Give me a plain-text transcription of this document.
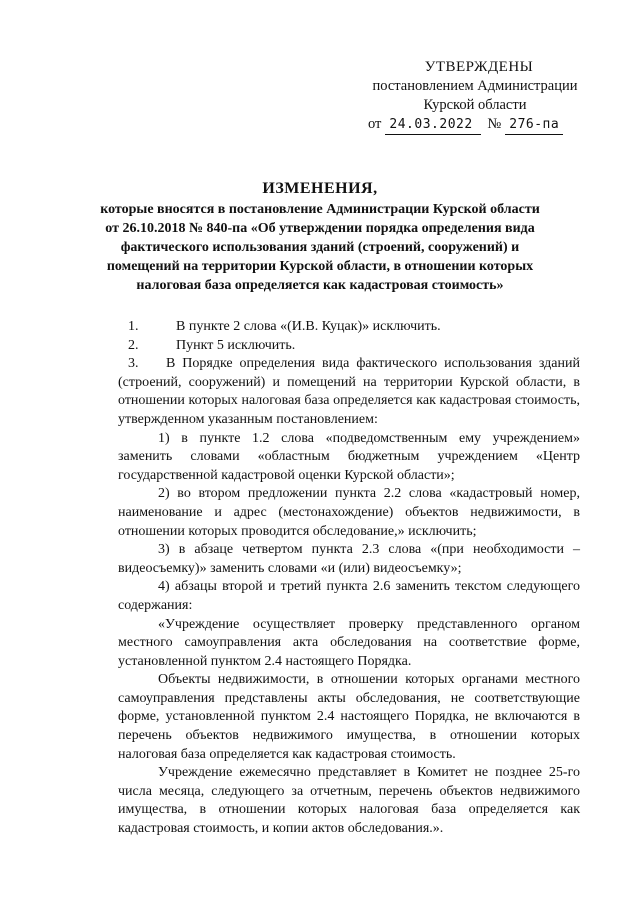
УТВЕРЖДЕНЫ
постановлением Администрации
Курской области
от 24.03.2022	№ 276-па
ИЗМЕНЕНИЯ,
которые вносятся в постановление Администрации Курской области от 26.10.2018 № 840-па «Об утверждении порядка определения вида фактического использования зданий (строений, сооружений) и помещений на территории Курской области, в отношении которых налоговая база определяется как кадастровая стоимость»
1.	В пункте 2 слова «(И.В. Куцак)» исключить.
2.	Пункт 5 исключить.

3. В Порядке определения вида фактического использования зданий (строений, сооружений) и помещений на территории Курской области, в отношении которых налоговая база определяется как кадастровая стоимость, утвержденном указанным постановлением:

1) в пункте 1.2 слова «подведомственным ему учреждением» заменить словами «областным бюджетным учреждением «Центр государственной кадастровой оценки Курской области»;

2) во втором предложении пункта 2.2 слова «кадастровый номер, наименование и адрес (местонахождение) объектов недвижимости, в отношении которых проводится обследование,» исключить;

3) в абзаце четвертом пункта 2.3 слова «(при необходимости – видеосъемку)» заменить словами «и (или) видеосъемку»;

4) абзацы второй и третий пункта 2.6 заменить текстом следующего содержания:

«Учреждение осуществляет проверку представленного органом местного самоуправления акта обследования на соответствие форме, установленной пунктом 2.4 настоящего Порядка.

Объекты недвижимости, в отношении которых органами местного самоуправления представлены акты обследования, не соответствующие форме, установленной пунктом 2.4 настоящего Порядка, не включаются в перечень объектов недвижимого имущества, в отношении которых налоговая база определяется как кадастровая стоимость.

Учреждение ежемесячно представляет в Комитет не позднее 25-го числа месяца, следующего за отчетным, перечень объектов недвижимого имущества, в отношении которых налоговая база определяется как кадастровая стоимость, и копии актов обследования.».
